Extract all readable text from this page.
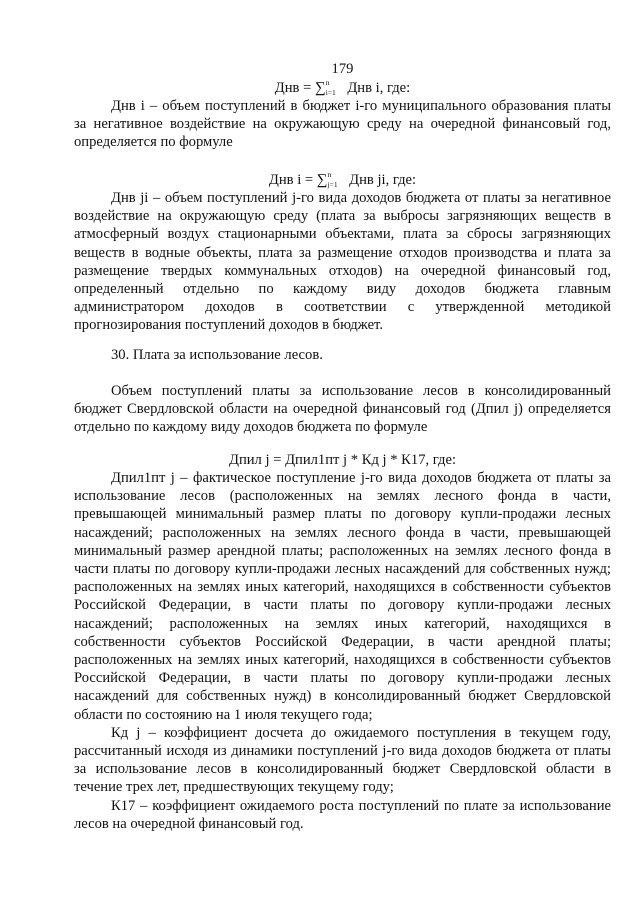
179
Днв = ∑ n
i=1 Днв i, где:

Днв i – объем поступлений в бюджет i-го муниципального образования платы за негативное воздействие на окружающую среду на очередной финансовый год, определяется по формуле

Днв i = ∑ n
j=1 Днв ji, где:

Днв ji – объем поступлений j-го вида доходов бюджета от платы за негативное воздействие на окружающую среду (плата за выбросы загрязняющих веществ в атмосферный воздух стационарными объектами, плата за сбросы загрязняющих веществ в водные объекты, плата за размещение отходов производства и плата за размещение твердых коммунальных отходов) на очередной финансовый год, определенный отдельно по каждому виду доходов бюджета главным администратором доходов в соответствии с утвержденной методикой прогнозирования поступлений доходов в бюджет.

30. Плата за использование лесов.

Объем поступлений платы за использование лесов в консолидированный бюджет Свердловской области на очередной финансовый год (Дпил j) определяется отдельно по каждому виду доходов бюджета по формуле

Дпил j = Дпил1пт j * Кд j * К17, где:

Дпил1пт j – фактическое поступление j-го вида доходов бюджета от платы за использование лесов (расположенных на землях лесного фонда в части, превышающей минимальный размер платы по договору купли-продажи лесных насаждений; расположенных на землях лесного фонда в части, превышающей минимальный размер арендной платы; расположенных на землях лесного фонда в части платы по договору купли-продажи лесных насаждений для собственных нужд; расположенных на землях иных категорий, находящихся в собственности субъектов Российской Федерации, в части платы по договору купли-продажи лесных насаждений; расположенных на землях иных категорий, находящихся в собственности субъектов Российской Федерации, в части арендной платы; расположенных на землях иных категорий, находящихся в собственности субъектов Российской Федерации, в части платы по договору купли-продажи лесных насаждений для собственных нужд) в консолидированный бюджет Свердловской области по состоянию на 1 июля текущего года;

Кд j – коэффициент досчета до ожидаемого поступления в текущем году, рассчитанный исходя из динамики поступлений j-го вида доходов бюджета от платы за использование лесов в консолидированный бюджет Свердловской области в течение трех лет, предшествующих текущему году;

К17 – коэффициент ожидаемого роста поступлений по плате за использование лесов на очередной финансовый год.
